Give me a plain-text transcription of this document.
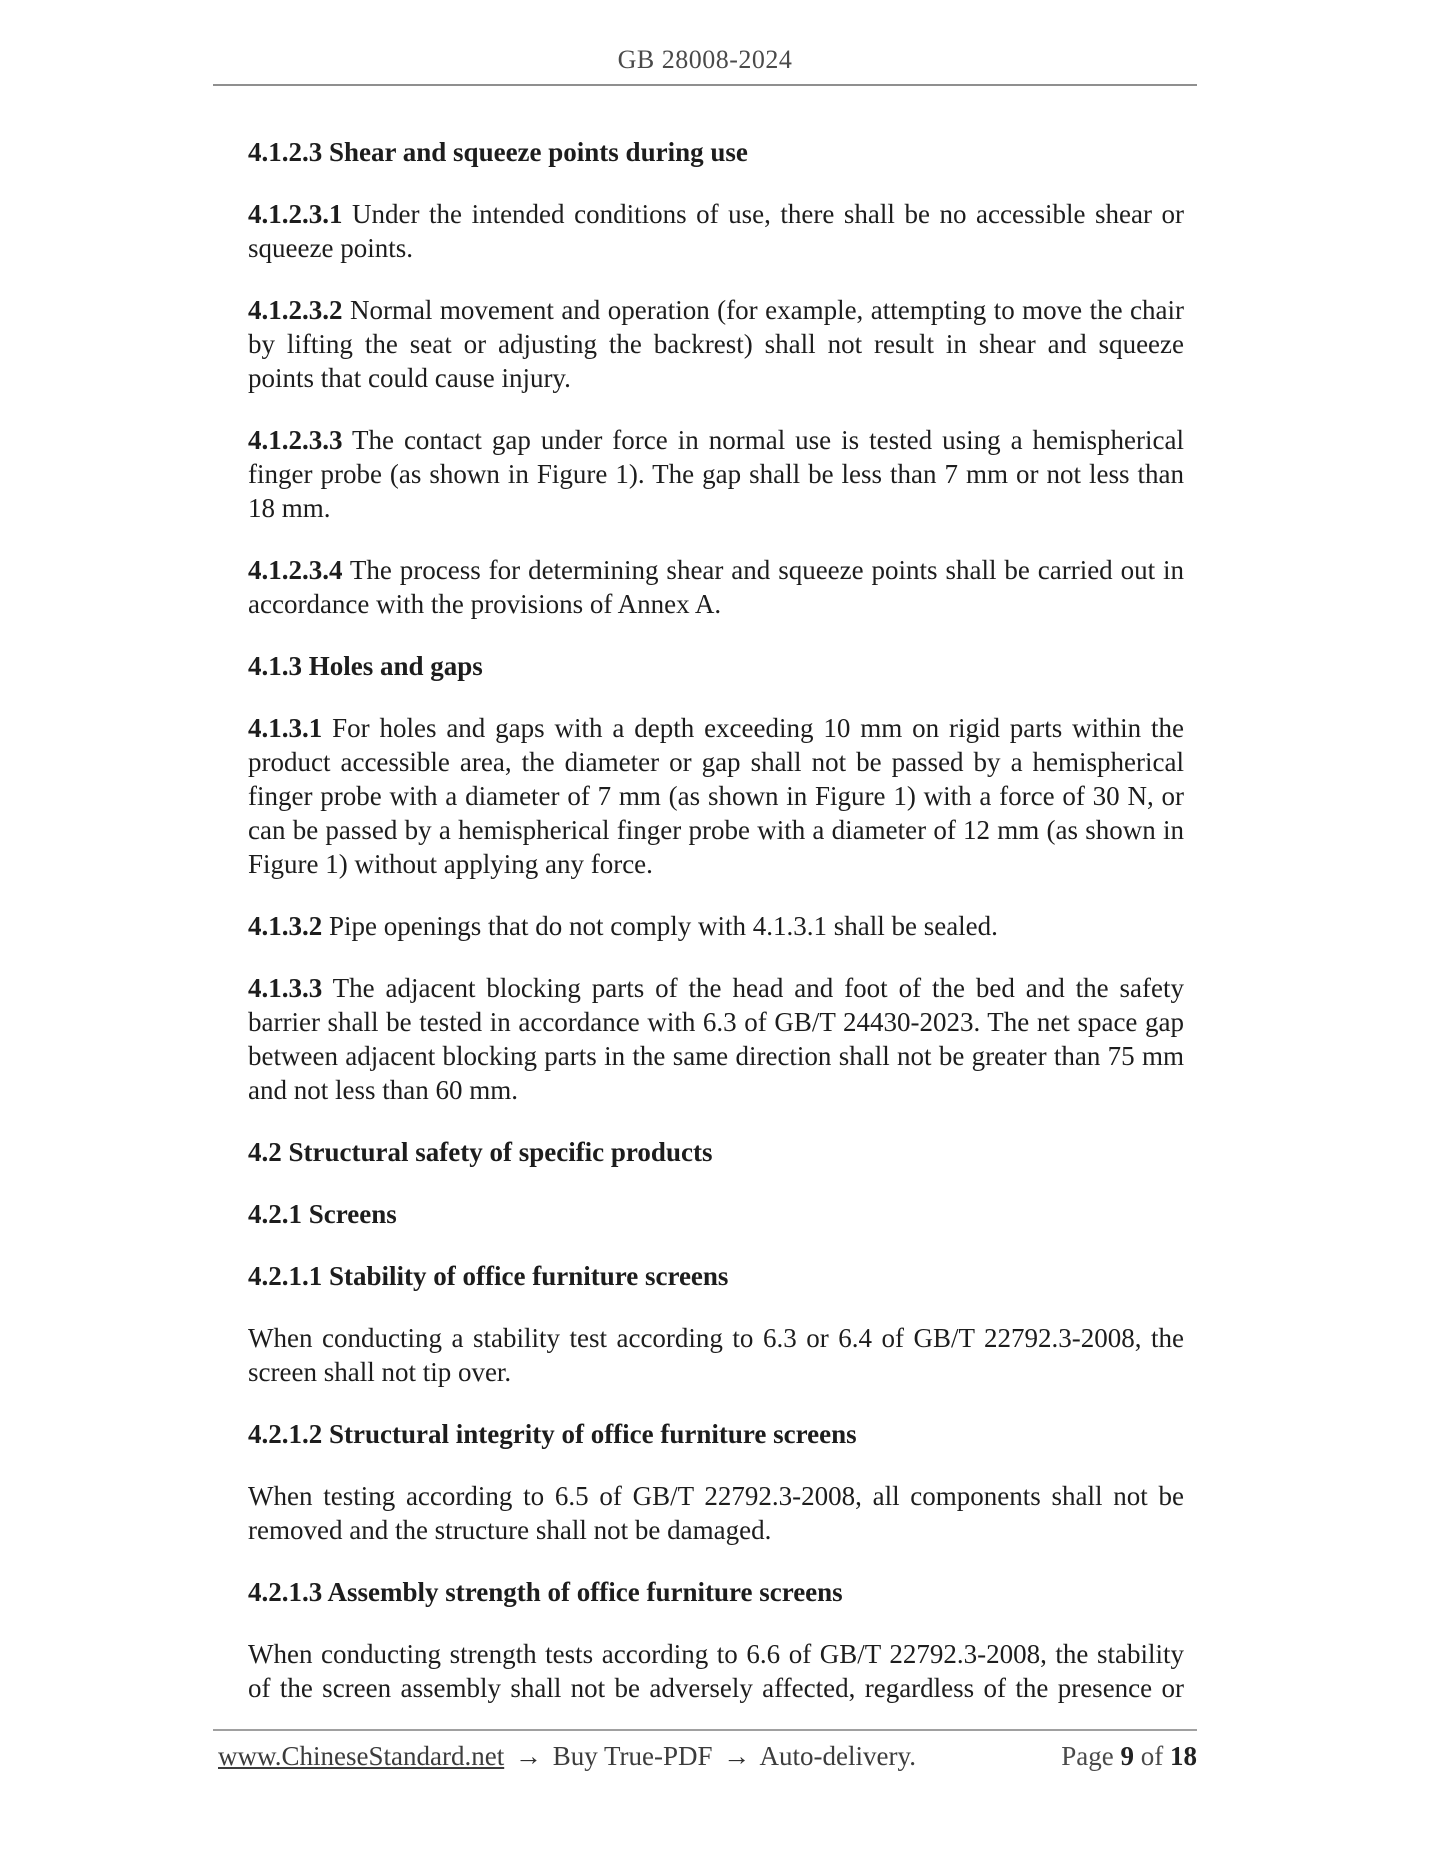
GB 28008-2024

4.1.2.3 Shear and squeeze points during use

4.1.2.3.1 Under the intended conditions of use, there shall be no accessible shear or squeeze points.

4.1.2.3.2 Normal movement and operation (for example, attempting to move the chair by lifting the seat or adjusting the backrest) shall not result in shear and squeeze points that could cause injury.

4.1.2.3.3 The contact gap under force in normal use is tested using a hemispherical finger probe (as shown in Figure 1). The gap shall be less than 7 mm or not less than 18 mm.

4.1.2.3.4 The process for determining shear and squeeze points shall be carried out in accordance with the provisions of Annex A.

4.1.3 Holes and gaps

4.1.3.1 For holes and gaps with a depth exceeding 10 mm on rigid parts within the product accessible area, the diameter or gap shall not be passed by a hemispherical finger probe with a diameter of 7 mm (as shown in Figure 1) with a force of 30 N, or can be passed by a hemispherical finger probe with a diameter of 12 mm (as shown in Figure 1) without applying any force.

4.1.3.2 Pipe openings that do not comply with 4.1.3.1 shall be sealed.

4.1.3.3 The adjacent blocking parts of the head and foot of the bed and the safety barrier shall be tested in accordance with 6.3 of GB/T 24430-2023. The net space gap between adjacent blocking parts in the same direction shall not be greater than 75 mm and not less than 60 mm.

4.2 Structural safety of specific products

4.2.1 Screens

4.2.1.1 Stability of office furniture screens

When conducting a stability test according to 6.3 or 6.4 of GB/T 22792.3-2008, the screen shall not tip over.

4.2.1.2 Structural integrity of office furniture screens

When testing according to 6.5 of GB/T 22792.3-2008, all components shall not be removed and the structure shall not be damaged.

4.2.1.3 Assembly strength of office furniture screens

When conducting strength tests according to 6.6 of GB/T 22792.3-2008, the stability of the screen assembly shall not be adversely affected, regardless of the presence or

www.ChineseStandard.net → Buy True-PDF → Auto-delivery.	Page 9 of 18
